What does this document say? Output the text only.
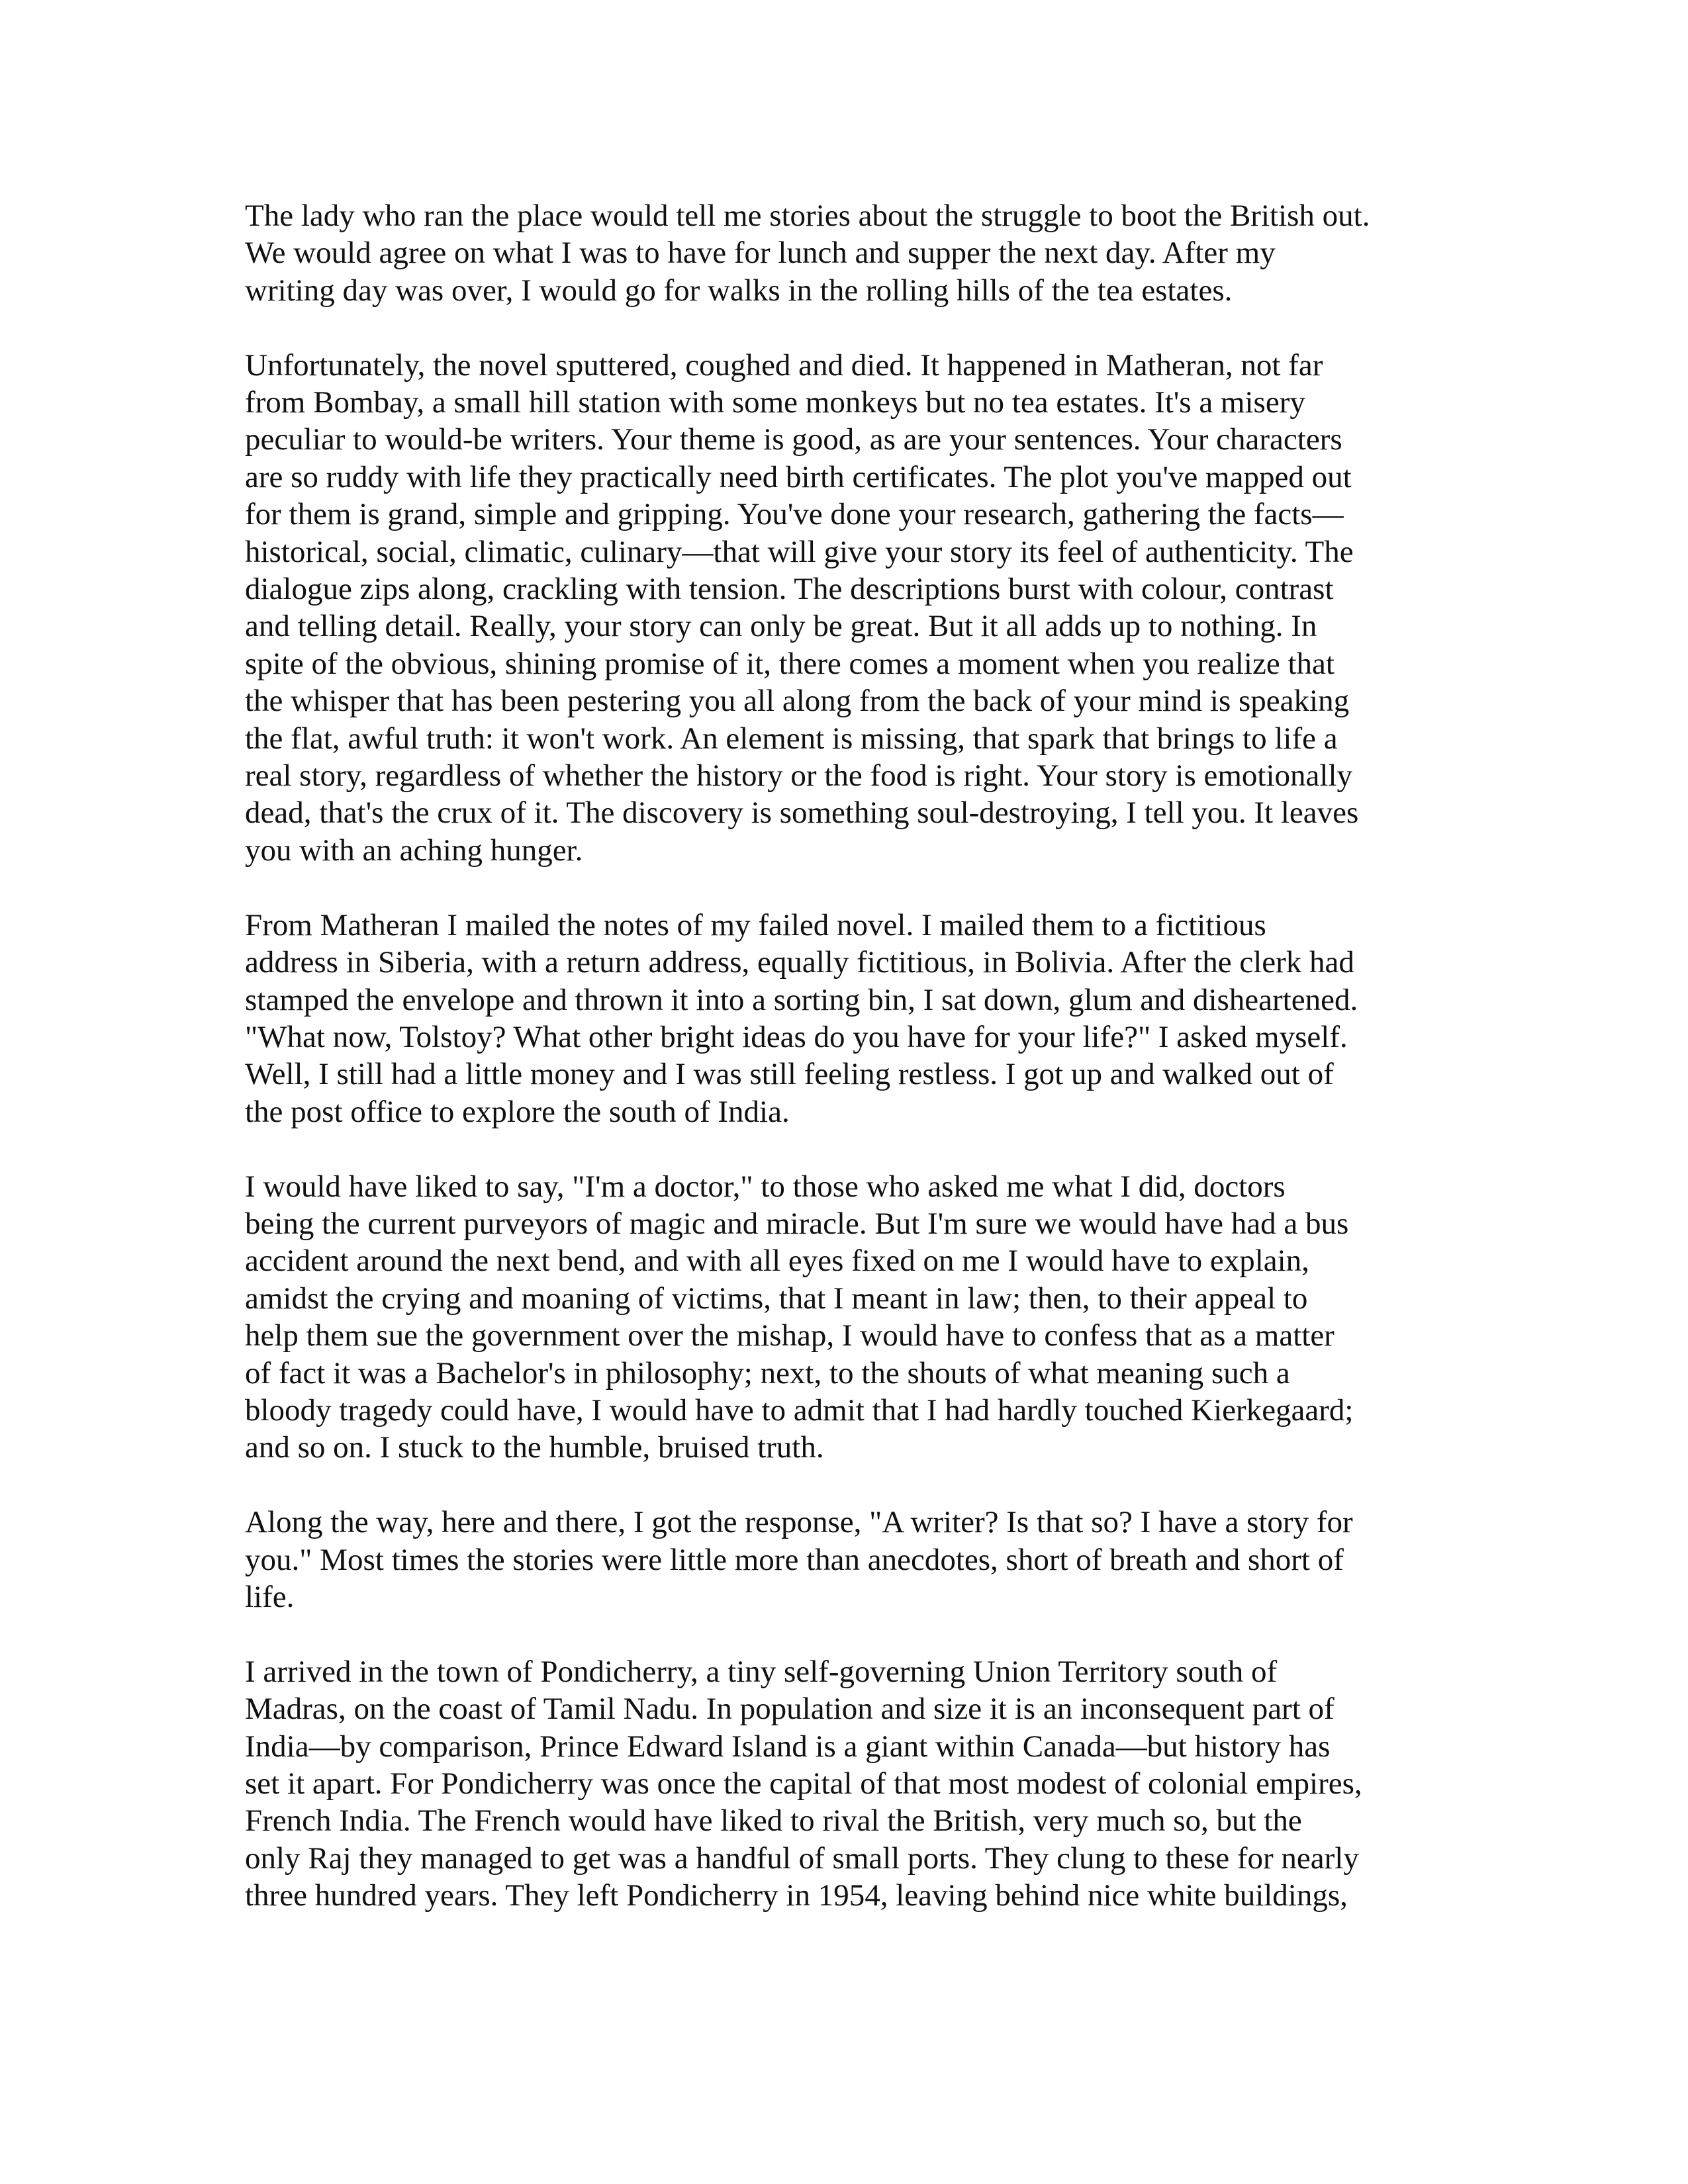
The lady who ran the place would tell me stories about the struggle to boot the British out.
We would agree on what I was to have for lunch and supper the next day. After my
writing day was over, I would go for walks in the rolling hills of the tea estates.

Unfortunately, the novel sputtered, coughed and died. It happened in Matheran, not far
from Bombay, a small hill station with some monkeys but no tea estates. It's a misery
peculiar to would-be writers. Your theme is good, as are your sentences. Your characters
are so ruddy with life they practically need birth certificates. The plot you've mapped out
for them is grand, simple and gripping. You've done your research, gathering the facts—
historical, social, climatic, culinary—that will give your story its feel of authenticity. The
dialogue zips along, crackling with tension. The descriptions burst with colour, contrast
and telling detail. Really, your story can only be great. But it all adds up to nothing. In
spite of the obvious, shining promise of it, there comes a moment when you realize that
the whisper that has been pestering you all along from the back of your mind is speaking
the flat, awful truth: it won't work. An element is missing, that spark that brings to life a
real story, regardless of whether the history or the food is right. Your story is emotionally
dead, that's the crux of it. The discovery is something soul-destroying, I tell you. It leaves
you with an aching hunger.

From Matheran I mailed the notes of my failed novel. I mailed them to a fictitious
address in Siberia, with a return address, equally fictitious, in Bolivia. After the clerk had
stamped the envelope and thrown it into a sorting bin, I sat down, glum and disheartened.
"What now, Tolstoy? What other bright ideas do you have for your life?" I asked myself.
Well, I still had a little money and I was still feeling restless. I got up and walked out of
the post office to explore the south of India.

I would have liked to say, "I'm a doctor," to those who asked me what I did, doctors
being the current purveyors of magic and miracle. But I'm sure we would have had a bus
accident around the next bend, and with all eyes fixed on me I would have to explain,
amidst the crying and moaning of victims, that I meant in law; then, to their appeal to
help them sue the government over the mishap, I would have to confess that as a matter
of fact it was a Bachelor's in philosophy; next, to the shouts of what meaning such a
bloody tragedy could have, I would have to admit that I had hardly touched Kierkegaard;
and so on. I stuck to the humble, bruised truth.

Along the way, here and there, I got the response, "A writer? Is that so? I have a story for
you." Most times the stories were little more than anecdotes, short of breath and short of
life.

I arrived in the town of Pondicherry, a tiny self-governing Union Territory south of
Madras, on the coast of Tamil Nadu. In population and size it is an inconsequent part of
India—by comparison, Prince Edward Island is a giant within Canada—but history has
set it apart. For Pondicherry was once the capital of that most modest of colonial empires,
French India. The French would have liked to rival the British, very much so, but the
only Raj they managed to get was a handful of small ports. They clung to these for nearly
three hundred years. They left Pondicherry in 1954, leaving behind nice white buildings,
